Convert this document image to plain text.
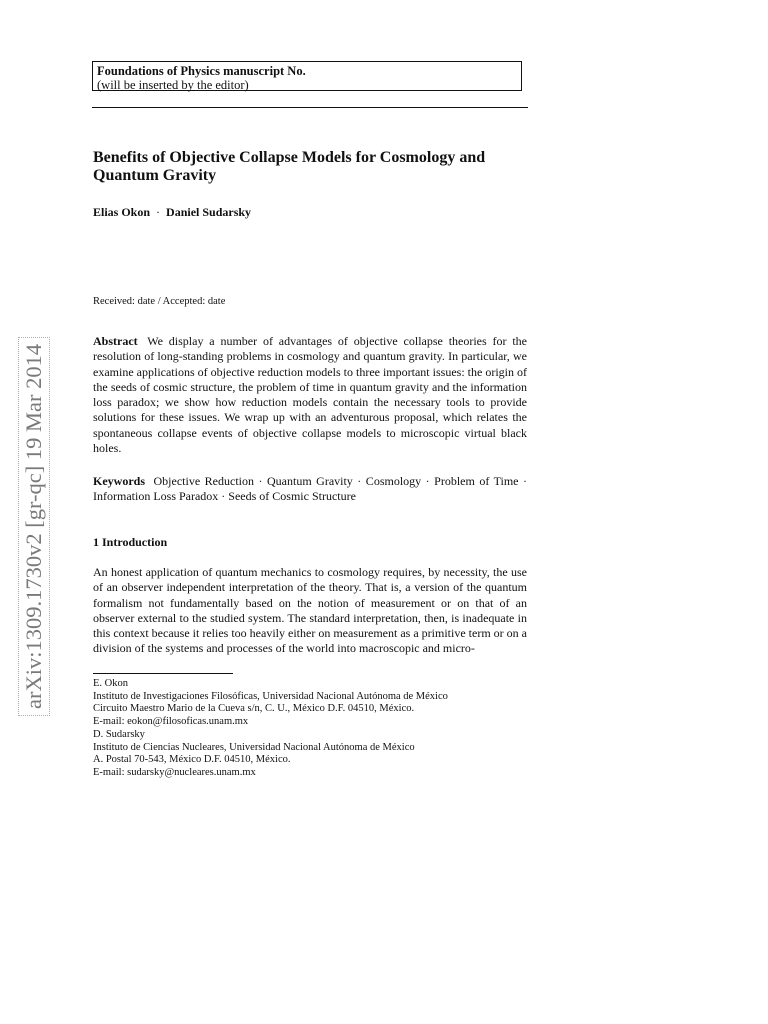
Foundations of Physics manuscript No.
(will be inserted by the editor)
Benefits of Objective Collapse Models for Cosmology and Quantum Gravity
Elias Okon · Daniel Sudarsky
Received: date / Accepted: date
Abstract We display a number of advantages of objective collapse theories for the resolution of long-standing problems in cosmology and quantum gravity. In particular, we examine applications of objective reduction models to three important issues: the origin of the seeds of cosmic structure, the problem of time in quantum gravity and the information loss paradox; we show how reduction models contain the necessary tools to provide solutions for these issues. We wrap up with an adventurous proposal, which relates the spontaneous collapse events of objective collapse models to microscopic virtual black holes.
Keywords Objective Reduction · Quantum Gravity · Cosmology · Problem of Time · Information Loss Paradox · Seeds of Cosmic Structure
1 Introduction
An honest application of quantum mechanics to cosmology requires, by necessity, the use of an observer independent interpretation of the theory. That is, a version of the quantum formalism not fundamentally based on the notion of measurement or on that of an observer external to the studied system. The standard interpretation, then, is inadequate in this context because it relies too heavily either on measurement as a primitive term or on a division of the systems and processes of the world into macroscopic and micro-
E. Okon
Instituto de Investigaciones Filosóficas, Universidad Nacional Autónoma de México
Circuito Maestro Mario de la Cueva s/n, C. U., México D.F. 04510, México.
E-mail: eokon@filosoficas.unam.mx
D. Sudarsky
Instituto de Ciencias Nucleares, Universidad Nacional Autónoma de México
A. Postal 70-543, México D.F. 04510, México.
E-mail: sudarsky@nucleares.unam.mx
arXiv:1309.1730v2 [gr-qc] 19 Mar 2014
